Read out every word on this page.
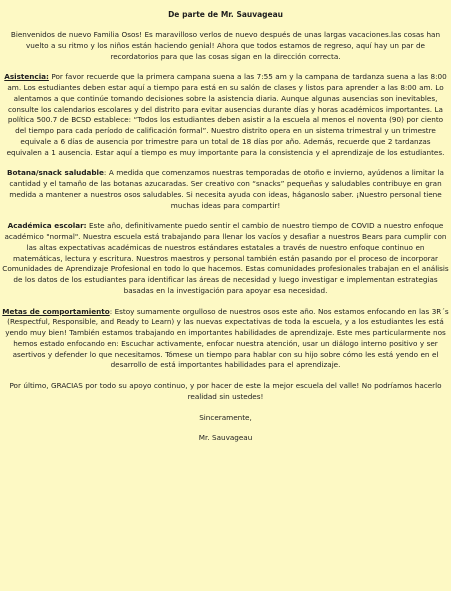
De parte de Mr. Sauvageau

Bienvenidos de nuevo Familia Osos! Es maravilloso verlos de nuevo después de unas largas vacaciones.las cosas han vuelto a su ritmo y los niños están haciendo genial! Ahora que todos estamos de regreso, aquí hay un par de recordatorios para que las cosas sigan en la dirección correcta.

Asistencia: Por favor recuerde que la primera campana suena a las 7:55 am y la campana de tardanza suena a las 8:00 am. Los estudiantes deben estar aquí a tiempo para está en su salón de clases y listos para aprender a las 8:00 am. Lo alentamos a que continúe tomando decisiones sobre la asistencia diaria. Aunque algunas ausencias son inevitables, consulte los calendarios escolares y del distrito para evitar ausencias durante días y horas académicos importantes. La política 500.7 de BCSD establece: “Todos los estudiantes deben asistir a la escuela al menos el noventa (90) por ciento del tiempo para cada período de calificación formal”. Nuestro distrito opera en un sistema trimestral y un trimestre equivale a 6 días de ausencia por trimestre para un total de 18 días por año. Además, recuerde que 2 tardanzas equivalen a 1 ausencia. Estar aquí a tiempo es muy importante para la consistencia y el aprendizaje de los estudiantes.

Botana/snack saludable: A medida que comenzamos nuestras temporadas de otoño e invierno, ayúdenos a limitar la cantidad y el tamaño de las botanas azucaradas. Ser creativo con “snacks” pequeñas y saludables contribuye en gran medida a mantener a nuestros osos saludables. Si necesita ayuda con ideas, háganoslo saber. ¡Nuestro personal tiene muchas ideas para compartir!

Académica escolar: Este año, definitivamente puedo sentir el cambio de nuestro tiempo de COVID a nuestro enfoque académico "normal". Nuestra escuela está trabajando para llenar los vacíos y desafiar a nuestros Bears para cumplir con las altas expectativas académicas de nuestros estándares estatales a través de nuestro enfoque continuo en matemáticas, lectura y escritura. Nuestros maestros y personal también están pasando por el proceso de incorporar Comunidades de Aprendizaje Profesional en todo lo que hacemos. Estas comunidades profesionales trabajan en el análisis de los datos de los estudiantes para identificar las áreas de necesidad y luego investigar e implementan estrategias basadas en la investigación para apoyar esa necesidad.

Metas de comportamiento: Estoy sumamente orgulloso de nuestros osos este año. Nos estamos enfocando en las 3R´s (Respectful, Responsible, and Ready to Learn) y las nuevas expectativas de toda la escuela, y a los estudiantes les está yendo muy bien! También estamos trabajando en importantes habilidades de aprendizaje. Este mes particularmente nos hemos estado enfocando en: Escuchar activamente, enfocar nuestra atención, usar un diálogo interno positivo y ser asertivos y defender lo que necesitamos. Tómese un tiempo para hablar con su hijo sobre cómo les está yendo en el desarrollo de está importantes habilidades para el aprendizaje.

Por último, GRACIAS por todo su apoyo continuo, y por hacer de este la mejor escuela del valle! No podríamos hacerlo realidad sin ustedes!

Sinceramente,

Mr. Sauvageau
